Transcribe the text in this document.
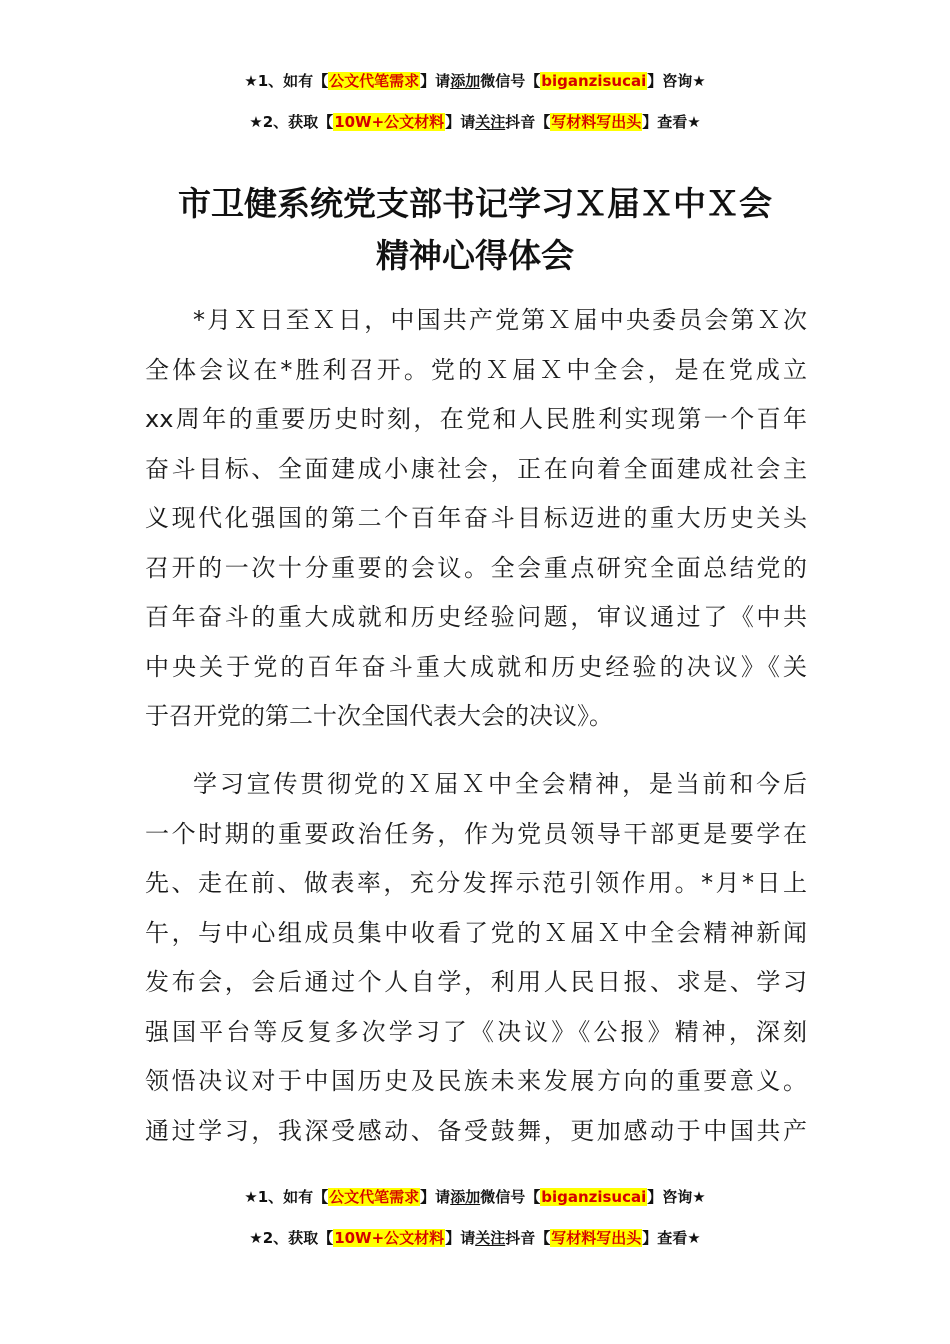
★1、如有【公文代笔需求】请添加微信号【biganzisucai】咨询★
★2、获取【10W+公文材料】请关注抖音【写材料写出头】查看★
市卫健系统党支部书记学习Ｘ届Ｘ中Ｘ会
精神心得体会
*月Ｘ日至Ｘ日，中国共产党第Ｘ届中央委员会第Ｘ次
全体会议在*胜利召开。党的Ｘ届Ｘ中全会，是在党成立
xx周年的重要历史时刻，在党和人民胜利实现第一个百年
奋斗目标、全面建成小康社会，正在向着全面建成社会主
义现代化强国的第二个百年奋斗目标迈进的重大历史关头
召开的一次十分重要的会议。全会重点研究全面总结党的
百年奋斗的重大成就和历史经验问题，审议通过了《中共
中央关于党的百年奋斗重大成就和历史经验的决议》《关
于召开党的第二十次全国代表大会的决议》。
学习宣传贯彻党的Ｘ届Ｘ中全会精神，是当前和今后
一个时期的重要政治任务，作为党员领导干部更是要学在
先、走在前、做表率，充分发挥示范引领作用。*月*日上
午，与中心组成员集中收看了党的Ｘ届Ｘ中全会精神新闻
发布会，会后通过个人自学，利用人民日报、求是、学习
强国平台等反复多次学习了《决议》《公报》精神，深刻
领悟决议对于中国历史及民族未来发展方向的重要意义。
通过学习，我深受感动、备受鼓舞，更加感动于中国共产
★1、如有【公文代笔需求】请添加微信号【biganzisucai】咨询★
★2、获取【10W+公文材料】请关注抖音【写材料写出头】查看★
